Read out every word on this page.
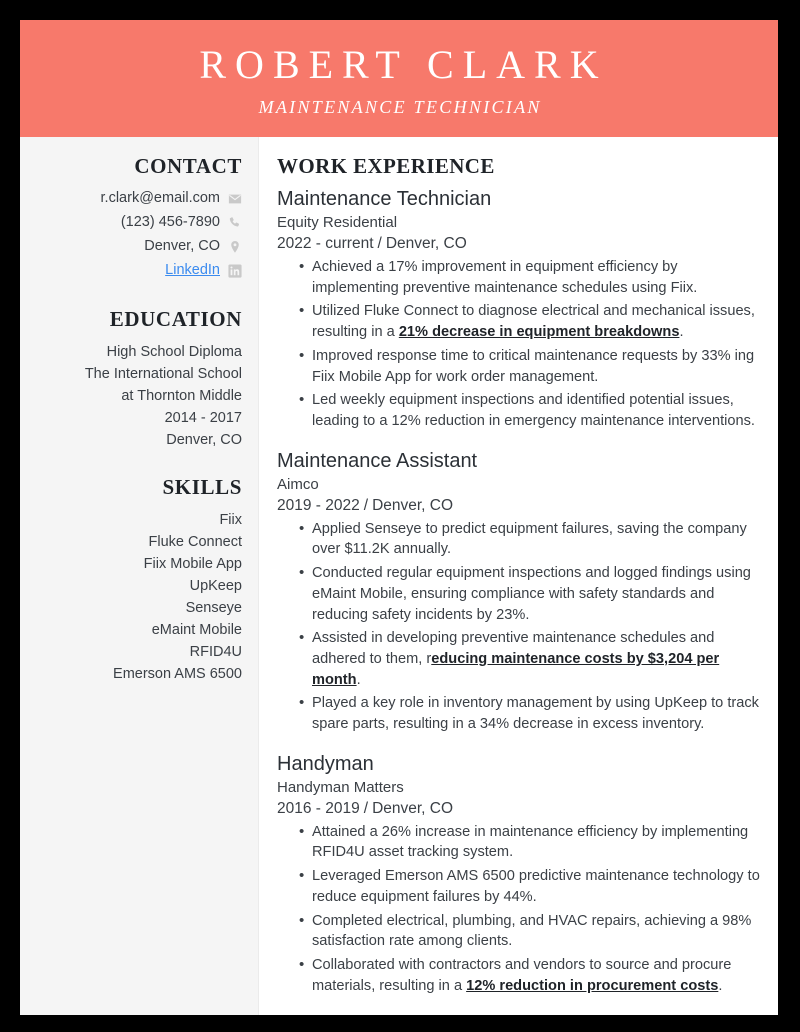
ROBERT CLARK
MAINTENANCE TECHNICIAN
CONTACT
r.clark@email.com
(123) 456-7890
Denver, CO
LinkedIn
EDUCATION
High School Diploma
The International School
at Thornton Middle
2014 - 2017
Denver, CO
SKILLS
Fiix
Fluke Connect
Fiix Mobile App
UpKeep
Senseye
eMaint Mobile
RFID4U
Emerson AMS 6500
WORK EXPERIENCE
Maintenance Technician
Equity Residential
2022 - current / Denver, CO
• Achieved a 17% improvement in equipment efficiency by implementing preventive maintenance schedules using Fiix.
• Utilized Fluke Connect to diagnose electrical and mechanical issues, resulting in a 21% decrease in equipment breakdowns.
• Improved response time to critical maintenance requests by 33% ing Fiix Mobile App for work order management.
• Led weekly equipment inspections and identified potential issues, leading to a 12% reduction in emergency maintenance interventions.
Maintenance Assistant
Aimco
2019 - 2022 / Denver, CO
• Applied Senseye to predict equipment failures, saving the company over $11.2K annually.
• Conducted regular equipment inspections and logged findings using eMaint Mobile, ensuring compliance with safety standards and reducing safety incidents by 23%.
• Assisted in developing preventive maintenance schedules and adhered to them, reducing maintenance costs by $3,204 per month.
• Played a key role in inventory management by using UpKeep to track spare parts, resulting in a 34% decrease in excess inventory.
Handyman
Handyman Matters
2016 - 2019 / Denver, CO
• Attained a 26% increase in maintenance efficiency by implementing RFID4U asset tracking system.
• Leveraged Emerson AMS 6500 predictive maintenance technology to reduce equipment failures by 44%.
• Completed electrical, plumbing, and HVAC repairs, achieving a 98% satisfaction rate among clients.
• Collaborated with contractors and vendors to source and procure materials, resulting in a 12% reduction in procurement costs.
